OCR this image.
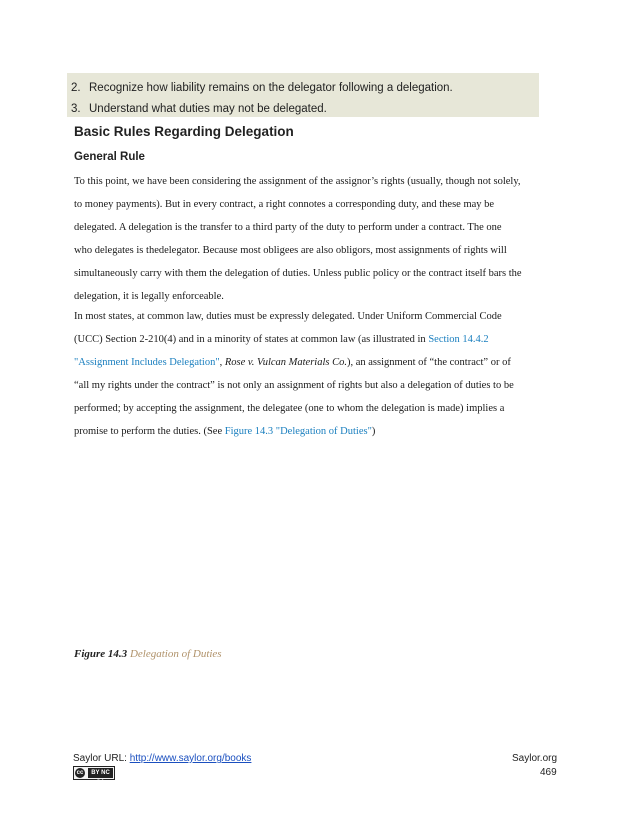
2. Recognize how liability remains on the delegator following a delegation.
3. Understand what duties may not be delegated.
Basic Rules Regarding Delegation
General Rule
To this point, we have been considering the assignment of the assignor’s rights (usually, though not solely,
to money payments). But in every contract, a right connotes a corresponding duty, and these may be
delegated. A delegation is the transfer to a third party of the duty to perform under a contract. The one
who delegates is thedelegator. Because most obligees are also obligors, most assignments of rights will
simultaneously carry with them the delegation of duties. Unless public policy or the contract itself bars the
delegation, it is legally enforceable.
In most states, at common law, duties must be expressly delegated. Under Uniform Commercial Code
(UCC) Section 2-210(4) and in a minority of states at common law (as illustrated in Section 14.4.2
"Assignment Includes Delegation", Rose v. Vulcan Materials Co.), an assignment of “the contract” or of
“all my rights under the contract” is not only an assignment of rights but also a delegation of duties to be
performed; by accepting the assignment, the delegatee (one to whom the delegation is made) implies a
promise to perform the duties. (See Figure 14.3 "Delegation of Duties")
Figure 14.3 Delegation of Duties
Saylor URL: http://www.saylor.org/books	Saylor.org
469
cc	BY NC SA
